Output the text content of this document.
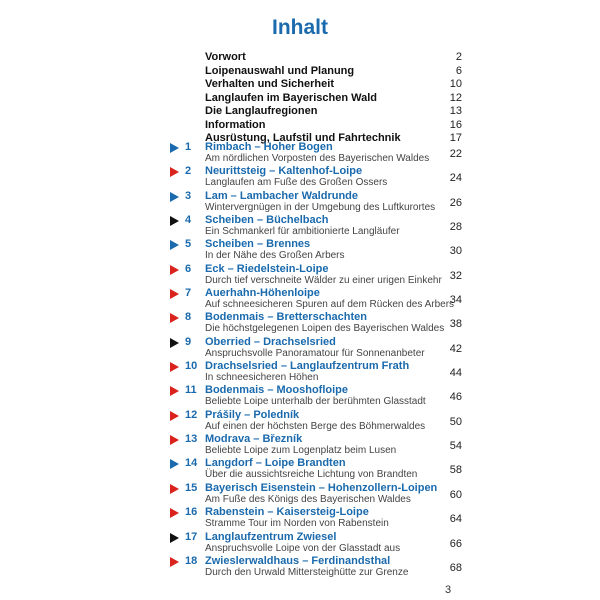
Inhalt
Vorwort	2
Loipenauswahl und Planung	6
Verhalten und Sicherheit	10
Langlaufen im Bayerischen Wald	12
Die Langlaufregionen	13
Information	16
Ausrüstung, Laufstil und Fahrtechnik	17
1 Rimbach – Hoher Bogen
Am nördlichen Vorposten des Bayerischen Waldes 22
2 Neurittsteig – Kaltenhof-Loipe
Langlaufen am Fuße des Großen Ossers	24
3 Lam – Lambacher Waldrunde
Wintervergnügen in der Umgebung des Luftkurortes 26
4 Scheiben – Büchelbach
Ein Schmankerl für ambitionierte Langläufer	28
5 Scheiben – Brennes
In der Nähe des Großen Arbers	30
6 Eck – Riedelstein-Loipe
Durch tief verschneite Wälder zu einer urigen Einkehr 32
7 Auerhahn-Höhenloipe
Auf schneesicheren Spuren auf dem Rücken des Arbers
34
8 Bodenmais – Bretterschachten
Die höchstgelegenen Loipen des Bayerischen Waldes 38
9 Oberried – Drachselsried
Anspruchsvolle Panoramatour für Sonnenanbeter 42
10 Drachselsried – Langlaufzentrum Frath
In schneesicheren Höhen	44
11 Bodenmais – Mooshofloipe
Beliebte Loipe unterhalb der berühmten Glasstadt 46
12 Prášily – Poledník
Auf einen der höchsten Berge des Böhmerwaldes 50
13 Modrava – Březník
Beliebte Loipe zum Logenplatz beim Lusen	54
14 Langdorf – Loipe Brandten
Über die aussichtsreiche Lichtung von Brandten	58
15 Bayerisch Eisenstein – Hohenzollern-Loipen
Am Fuße des Königs des Bayerischen Waldes	60
16 Rabenstein – Kaisersteig-Loipe
Stramme Tour im Norden von Rabenstein	64
17 Langlaufzentrum Zwiesel
Anspruchsvolle Loipe von der Glasstadt aus	66
18 Zwieslerwaldhaus – Ferdinandsthal
Durch den Urwald Mittersteighütte zur Grenze	68
3
